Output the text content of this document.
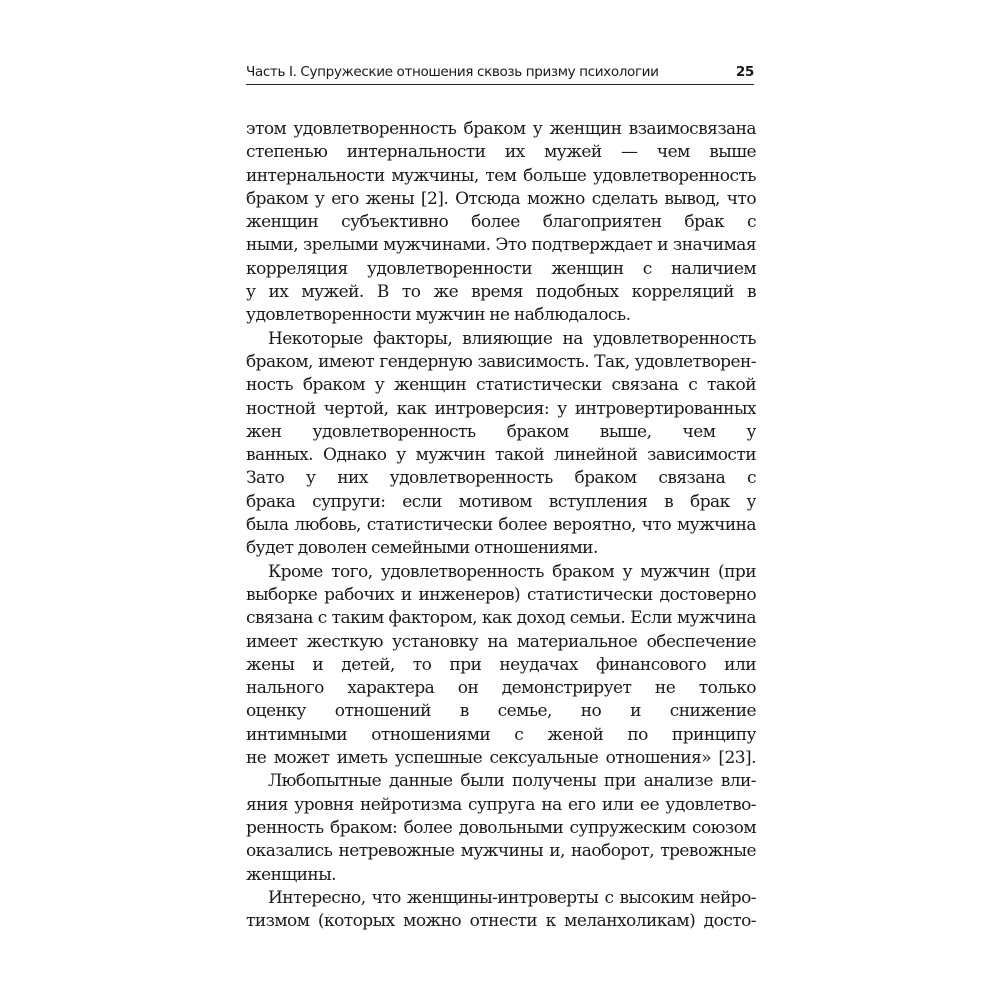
Часть I. Супружеские отношения сквозь призму психологии	25
этом удовлетворенность браком у женщин взаимосвязана
степенью интернальности их мужей — чем выше
интернальности мужчины, тем больше удовлетворенность
браком у его жены [2]. Отсюда можно сделать вывод, что
женщин субъективно более благоприятен брак с
ными, зрелыми мужчинами. Это подтверждает и значимая
корреляция удовлетворенности женщин с наличием
у их мужей. В то же время подобных корреляций в
удовлетворенности мужчин не наблюдалось.
Некоторые факторы, влияющие на удовлетворенность
браком, имеют гендерную зависимость. Так, удовлетворен-
ность браком у женщин статистически связана с такой
ностной чертой, как интроверсия: у интровертированных
жен удовлетворенность браком выше, чем у
ванных. Однако у мужчин такой линейной зависимости
Зато у них удовлетворенность браком связана с
брака супруги: если мотивом вступления в брак у
была любовь, статистически более вероятно, что мужчина
будет доволен семейными отношениями.
Кроме того, удовлетворенность браком у мужчин (при
выборке рабочих и инженеров) статистически достоверно
связана с таким фактором, как доход семьи. Если мужчина
имеет жесткую установку на материальное обеспечение
жены и детей, то при неудачах финансового или
нального характера он демонстрирует не только
оценку отношений в семье, но и снижение
интимными отношениями с женой по принципу
не может иметь успешные сексуальные отношения» [23].
Любопытные данные были получены при анализе вли-
яния уровня нейротизма супруга на его или ее удовлетво-
ренность браком: более довольными супружеским союзом
оказались нетревожные мужчины и, наоборот, тревожные
женщины.
Интересно, что женщины-интроверты с высоким нейро-
тизмом (которых можно отнести к меланхоликам) досто-
